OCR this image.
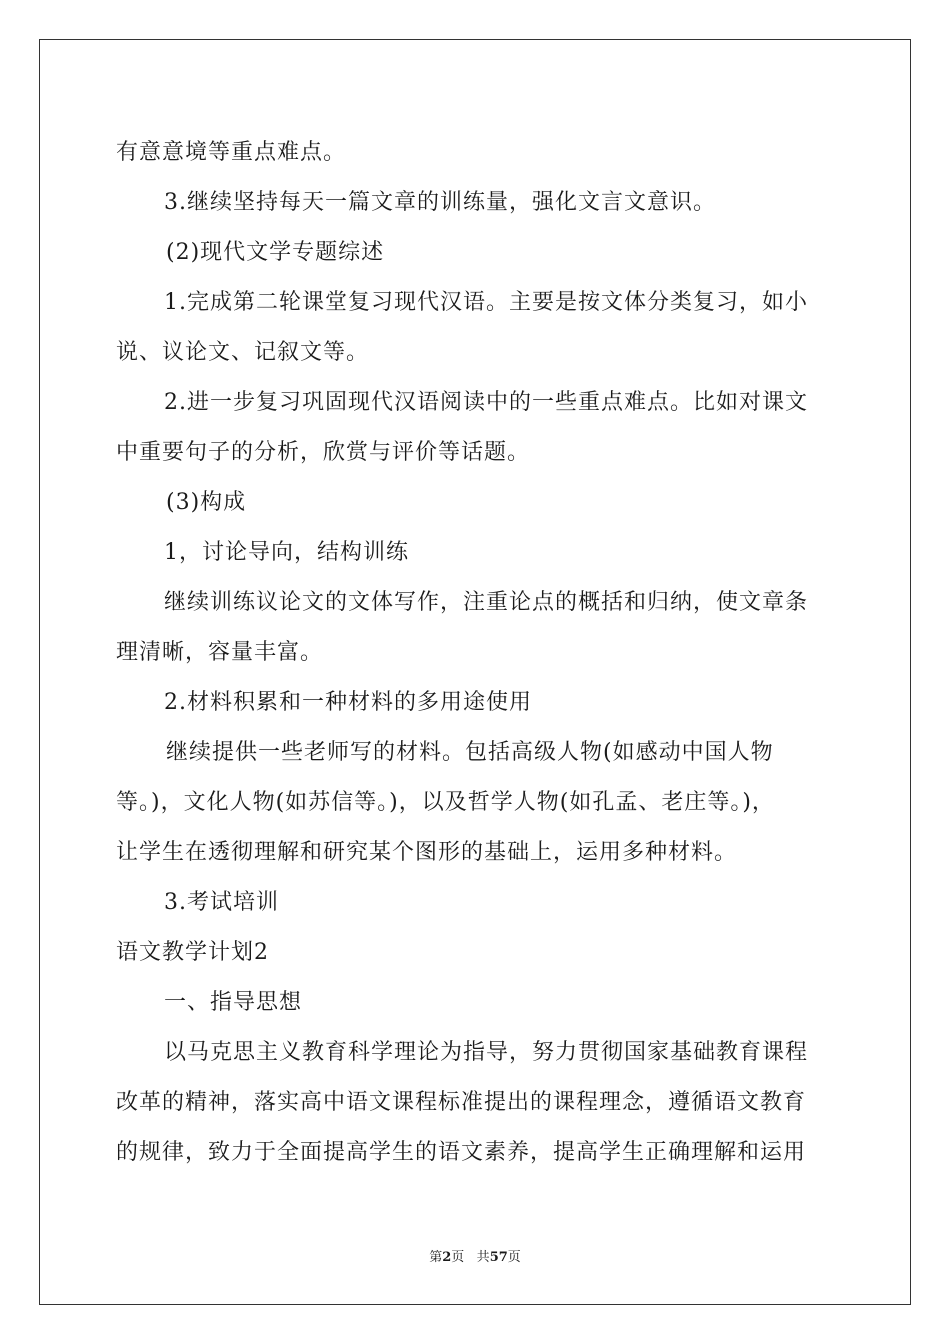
有意意境等重点难点。
3.继续坚持每天一篇文章的训练量，强化文言文意识。
(2)现代文学专题综述
1.完成第二轮课堂复习现代汉语。主要是按文体分类复习，如小
说、议论文、记叙文等。
2.进一步复习巩固现代汉语阅读中的一些重点难点。比如对课文
中重要句子的分析，欣赏与评价等话题。
(3)构成
1，讨论导向，结构训练
继续训练议论文的文体写作，注重论点的概括和归纳，使文章条
理清晰，容量丰富。
2.材料积累和一种材料的多用途使用
继续提供一些老师写的材料。包括高级人物(如感动中国人物
等。)，文化人物(如苏信等。)，以及哲学人物(如孔孟、老庄等。)，
让学生在透彻理解和研究某个图形的基础上，运用多种材料。
3.考试培训
语文教学计划2
一、指导思想
以马克思主义教育科学理论为指导，努力贯彻国家基础教育课程
改革的精神，落实高中语文课程标准提出的课程理念，遵循语文教育
的规律，致力于全面提高学生的语文素养，提高学生正确理解和运用
第2页 共57页
